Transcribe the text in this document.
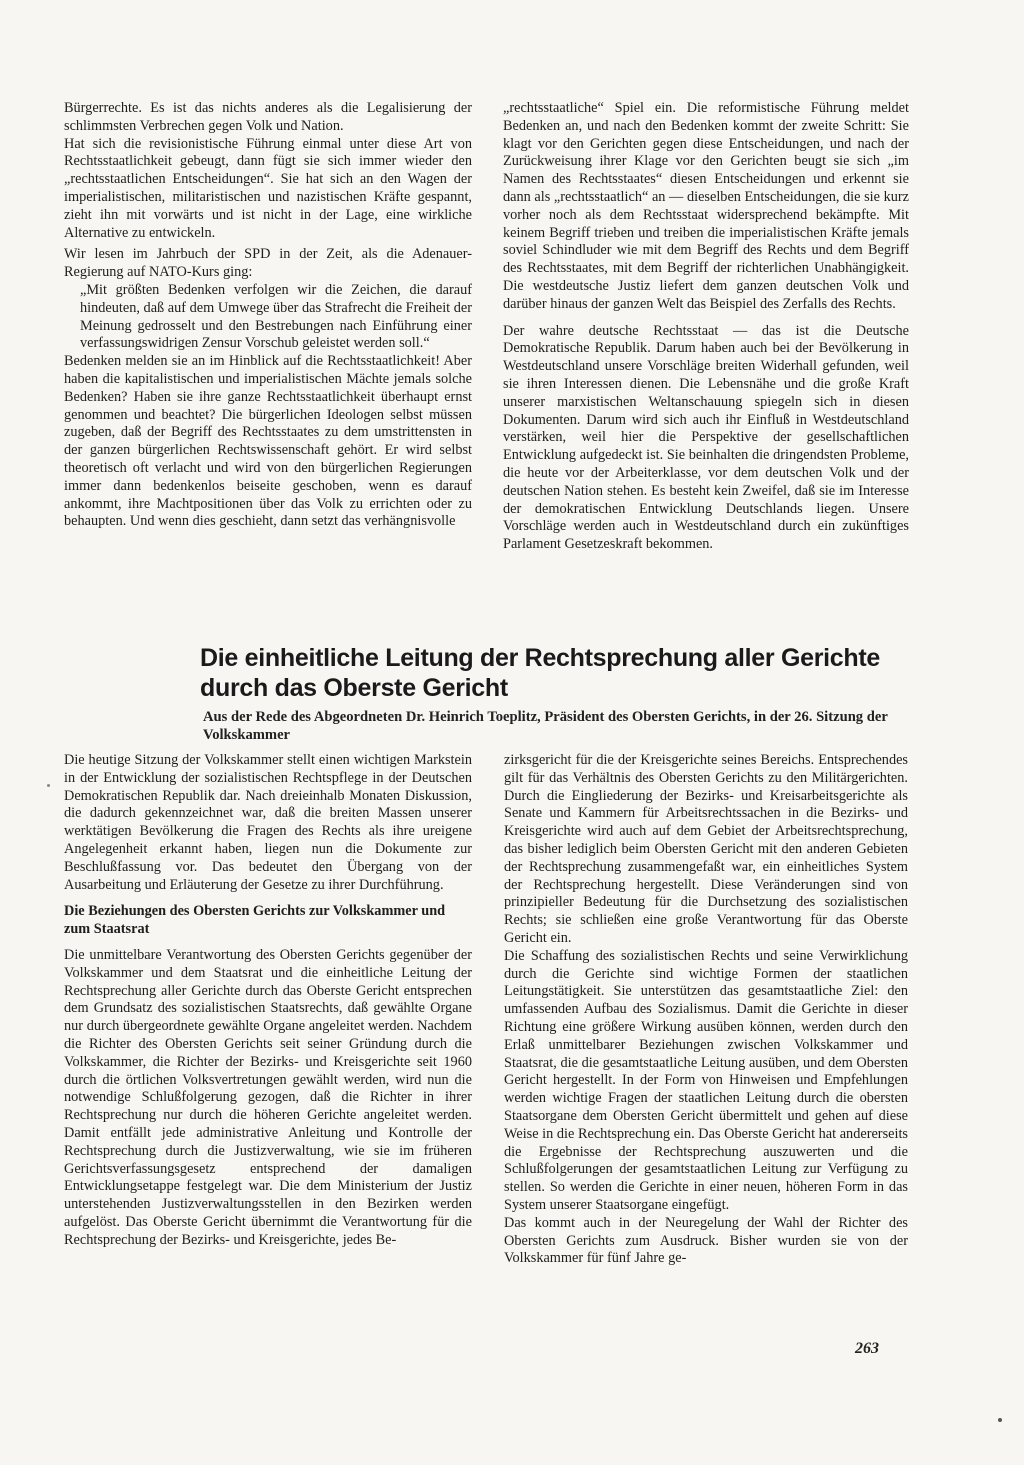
Bürgerrechte. Es ist das nichts anderes als die Legalisierung der schlimmsten Verbrechen gegen Volk und Nation.

Hat sich die revisionistische Führung einmal unter diese Art von Rechtsstaatlichkeit gebeugt, dann fügt sie sich immer wieder den „rechtsstaatlichen Entscheidungen“. Sie hat sich an den Wagen der imperialistischen, militaristischen und nazistischen Kräfte gespannt, zieht ihn mit vorwärts und ist nicht in der Lage, eine wirkliche Alternative zu entwickeln.

Wir lesen im Jahrbuch der SPD in der Zeit, als die Adenauer-Regierung auf NATO-Kurs ging:

„Mit größten Bedenken verfolgen wir die Zeichen, die darauf hindeuten, daß auf dem Umwege über das Strafrecht die Freiheit der Meinung gedrosselt und den Bestrebungen nach Einführung einer verfassungswidrigen Zensur Vorschub geleistet werden soll.“

Bedenken melden sie an im Hinblick auf die Rechtsstaatlichkeit! Aber haben die kapitalistischen und imperialistischen Mächte jemals solche Bedenken? Haben sie ihre ganze Rechtsstaatlichkeit überhaupt ernst genommen und beachtet? Die bürgerlichen Ideologen selbst müssen zugeben, daß der Begriff des Rechtsstaates zu dem umstrittensten in der ganzen bürgerlichen Rechtswissenschaft gehört. Er wird selbst theoretisch oft verlacht und wird von den bürgerlichen Regierungen immer dann bedenkenlos beiseite geschoben, wenn es darauf ankommt, ihre Machtpositionen über das Volk zu errichten oder zu behaupten. Und wenn dies geschieht, dann setzt das verhängnisvolle

„rechtsstaatliche“ Spiel ein. Die reformistische Führung meldet Bedenken an, und nach den Bedenken kommt der zweite Schritt: Sie klagt vor den Gerichten gegen diese Entscheidungen, und nach der Zurückweisung ihrer Klage vor den Gerichten beugt sie sich „im Namen des Rechtsstaates“ diesen Entscheidungen und erkennt sie dann als „rechtsstaatlich“ an — dieselben Entscheidungen, die sie kurz vorher noch als dem Rechtsstaat widersprechend bekämpfte. Mit keinem Begriff trieben und treiben die imperialistischen Kräfte jemals soviel Schindluder wie mit dem Begriff des Rechts und dem Begriff des Rechtsstaates, mit dem Begriff der richterlichen Unabhängigkeit. Die westdeutsche Justiz liefert dem ganzen deutschen Volk und darüber hinaus der ganzen Welt das Beispiel des Zerfalls des Rechts.

Der wahre deutsche Rechtsstaat — das ist die Deutsche Demokratische Republik. Darum haben auch bei der Bevölkerung in Westdeutschland unsere Vorschläge breiten Widerhall gefunden, weil sie ihren Interessen dienen. Die Lebensnähe und die große Kraft unserer marxistischen Weltanschauung spiegeln sich in diesen Dokumenten. Darum wird sich auch ihr Einfluß in Westdeutschland verstärken, weil hier die Perspektive der gesellschaftlichen Entwicklung aufgedeckt ist. Sie beinhalten die dringendsten Probleme, die heute vor der Arbeiterklasse, vor dem deutschen Volk und der deutschen Nation stehen. Es besteht kein Zweifel, daß sie im Interesse der demokratischen Entwicklung Deutschlands liegen. Unsere Vorschläge werden auch in Westdeutschland durch ein zukünftiges Parlament Gesetzeskraft bekommen.

Die einheitliche Leitung der Rechtsprechung aller Gerichte durch das Oberste Gericht

Aus der Rede des Abgeordneten Dr. Heinrich Toeplitz, Präsident des Obersten Gerichts, in der 26. Sitzung der Volkskammer

Die heutige Sitzung der Volkskammer stellt einen wichtigen Markstein in der Entwicklung der sozialistischen Rechtspflege in der Deutschen Demokratischen Republik dar. Nach dreieinhalb Monaten Diskussion, die dadurch gekennzeichnet war, daß die breiten Massen unserer werktätigen Bevölkerung die Fragen des Rechts als ihre ureigene Angelegenheit erkannt haben, liegen nun die Dokumente zur Beschlußfassung vor. Das bedeutet den Übergang von der Ausarbeitung und Erläuterung der Gesetze zu ihrer Durchführung.

Die Beziehungen des Obersten Gerichts zur Volkskammer und zum Staatsrat

Die unmittelbare Verantwortung des Obersten Gerichts gegenüber der Volkskammer und dem Staatsrat und die einheitliche Leitung der Rechtsprechung aller Gerichte durch das Oberste Gericht entsprechen dem Grundsatz des sozialistischen Staatsrechts, daß gewählte Organe nur durch übergeordnete gewählte Organe angeleitet werden. Nachdem die Richter des Obersten Gerichts seit seiner Gründung durch die Volkskammer, die Richter der Bezirks- und Kreisgerichte seit 1960 durch die örtlichen Volksvertretungen gewählt werden, wird nun die notwendige Schlußfolgerung gezogen, daß die Richter in ihrer Rechtsprechung nur durch die höheren Gerichte angeleitet werden. Damit entfällt jede administrative Anleitung und Kontrolle der Rechtsprechung durch die Justizverwaltung, wie sie im früheren Gerichtsverfassungsgesetz entsprechend der damaligen Entwicklungsetappe festgelegt war. Die dem Ministerium der Justiz unterstehenden Justizverwaltungsstellen in den Bezirken werden aufgelöst. Das Oberste Gericht übernimmt die Verantwortung für die Rechtsprechung der Bezirks- und Kreisgerichte, jedes Be-

zirksgericht für die der Kreisgerichte seines Bereichs. Entsprechendes gilt für das Verhältnis des Obersten Gerichts zu den Militärgerichten. Durch die Eingliederung der Bezirks- und Kreisarbeitsgerichte als Senate und Kammern für Arbeitsrechtssachen in die Bezirks- und Kreisgerichte wird auch auf dem Gebiet der Arbeitsrechtsprechung, das bisher lediglich beim Obersten Gericht mit den anderen Gebieten der Rechtsprechung zusammengefaßt war, ein einheitliches System der Rechtsprechung hergestellt. Diese Veränderungen sind von prinzipieller Bedeutung für die Durchsetzung des sozialistischen Rechts; sie schließen eine große Verantwortung für das Oberste Gericht ein.

Die Schaffung des sozialistischen Rechts und seine Verwirklichung durch die Gerichte sind wichtige Formen der staatlichen Leitungstätigkeit. Sie unterstützen das gesamtstaatliche Ziel: den umfassenden Aufbau des Sozialismus. Damit die Gerichte in dieser Richtung eine größere Wirkung ausüben können, werden durch den Erlaß unmittelbarer Beziehungen zwischen Volkskammer und Staatsrat, die die gesamtstaatliche Leitung ausüben, und dem Obersten Gericht hergestellt. In der Form von Hinweisen und Empfehlungen werden wichtige Fragen der staatlichen Leitung durch die obersten Staatsorgane dem Obersten Gericht übermittelt und gehen auf diese Weise in die Rechtsprechung ein. Das Oberste Gericht hat andererseits die Ergebnisse der Rechtsprechung auszuwerten und die Schlußfolgerungen der gesamtstaatlichen Leitung zur Verfügung zu stellen. So werden die Gerichte in einer neuen, höheren Form in das System unserer Staatsorgane eingefügt.

Das kommt auch in der Neuregelung der Wahl der Richter des Obersten Gerichts zum Ausdruck. Bisher wurden sie von der Volkskammer für fünf Jahre ge-

263
